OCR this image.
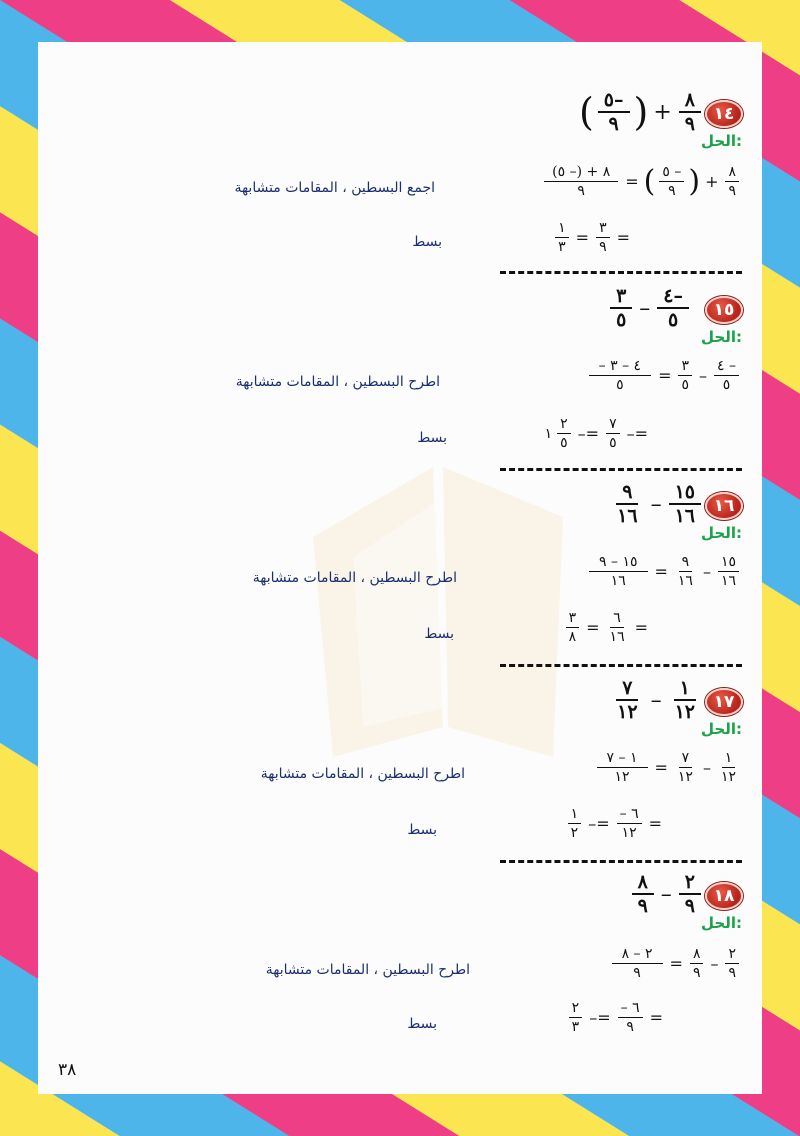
١٤
( $\frac{٥-}{٩}$ ) + $\frac{٨}{٩}$
الحل:
$\frac{٨ + (- ٥)}{٩}$ = ( $\frac{٥ -}{٩}$ ) + $\frac{٨}{٩}$
اجمع البسطين ، المقامات متشابهة
$\frac{١}{٣} = \frac{٣}{٩}$ =
بسط
١٥
$\frac{٣}{٥} - \frac{٤-}{٥}$
الحل:
$\frac{- ٤ - ٣}{٥} = \frac{٣}{٥} - \frac{٤ -}{٥}$
اطرح البسطين ، المقامات متشابهة
١ $\frac{٢}{٥} -= \frac{٧}{٥}$ –=
بسط
١٦
$\frac{٩}{١٦} - \frac{١٥}{١٦}$
الحل:
$\frac{١٥ - ٩}{١٦} = \frac{٩}{١٦} - \frac{١٥}{١٦}$
اطرح البسطين ، المقامات متشابهة
$\frac{٣}{٨} = \frac{٦}{١٦}$ =
بسط
١٧
$\frac{٧}{١٢} - \frac{١}{١٢}$
الحل:
$\frac{١ - ٧}{١٢} = \frac{٧}{١٢} - \frac{١}{١٢}$
اطرح البسطين ، المقامات متشابهة
$\frac{١}{٢} -= \frac{- ٦}{١٢}$ =
بسط
١٨
$\frac{٨}{٩} - \frac{٢}{٩}$
الحل:
$\frac{٢ - ٨}{٩} = \frac{٨}{٩} - \frac{٢}{٩}$
اطرح البسطين ، المقامات متشابهة
$\frac{٢}{٣} -= \frac{- ٦}{٩}$ =
بسط
٣٨
